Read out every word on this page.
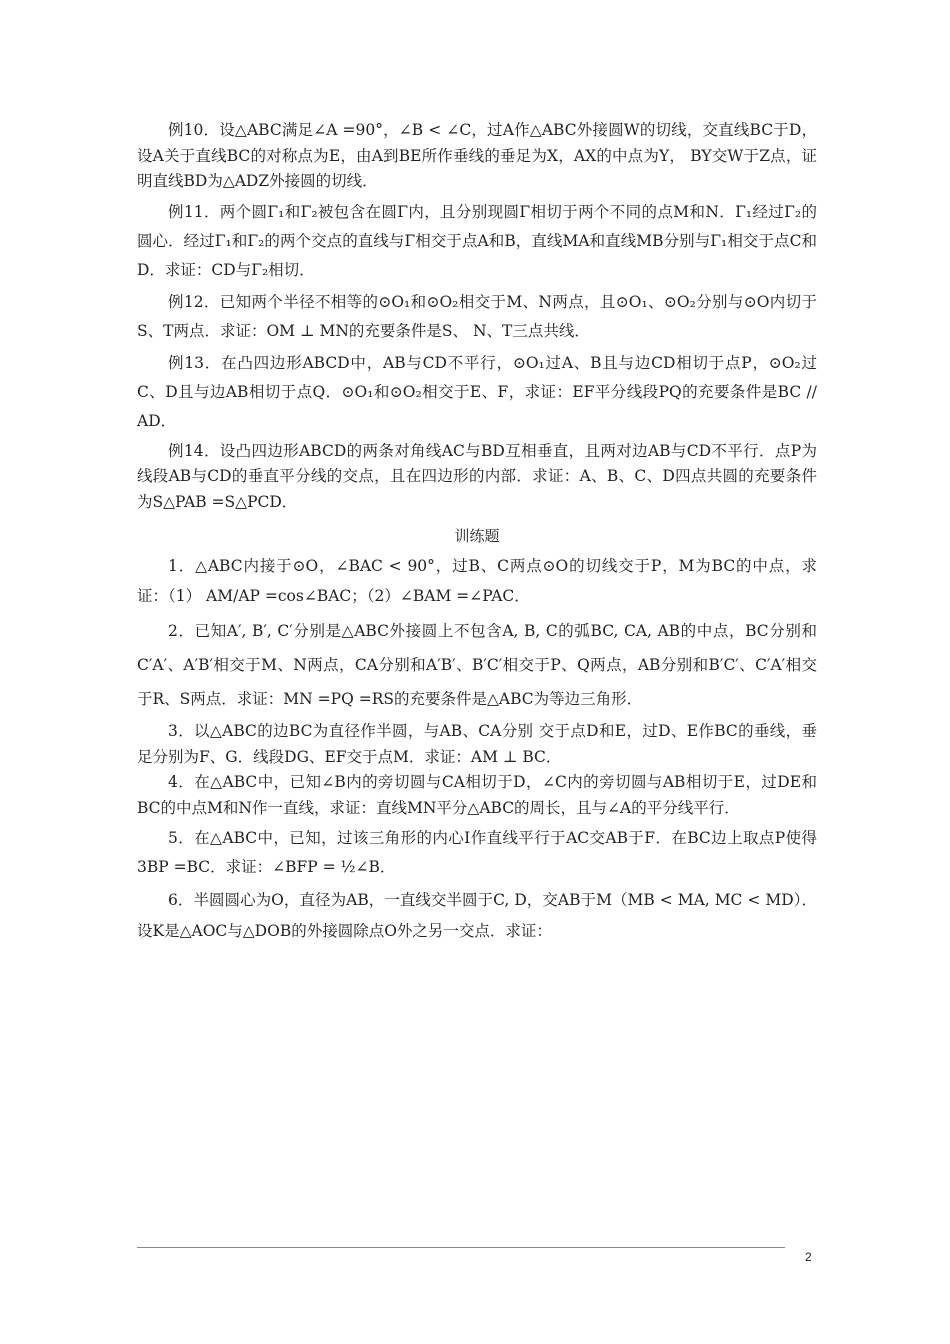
例10．设△ABC满足∠A =90°，∠B < ∠C，过A作△ABC外接圆W的切线，交直线BC于D，设A关于直线BC的对称点为E，由A到BE所作垂线的垂足为X，AX的中点为Y， BY交W于Z点，证明直线BD为△ADZ外接圆的切线．

例11．两个圆Γ₁和Γ₂被包含在圆Γ内，且分别现圆Γ相切于两个不同的点M和N．Γ₁经过Γ₂的圆心．经过Γ₁和Γ₂的两个交点的直线与Γ相交于点A和B，直线MA和直线MB分别与Γ₁相交于点C和D．求证：CD与Γ₂相切．

例12．已知两个半径不相等的⊙O₁和⊙O₂相交于M、N两点，且⊙O₁、⊙O₂分别与⊙O内切于S、T两点．求证：OM ⊥ MN的充要条件是S、 N、T三点共线．

例13．在凸四边形ABCD中，AB与CD不平行，⊙O₁过A、B且与边CD相切于点P，⊙O₂过C、D且与边AB相切于点Q．⊙O₁和⊙O₂相交于E、F，求证：EF平分线段PQ的充要条件是BC // AD．

例14．设凸四边形ABCD的两条对角线AC与BD互相垂直，且两对边AB与CD不平行．点P为线段AB与CD的垂直平分线的交点，且在四边形的内部．求证：A、B、C、D四点共圆的充要条件为S△PAB =S△PCD．

训练题

1．△ABC内接于⊙O，∠BAC < 90°，过B、C两点⊙O的切线交于P，M为BC的中点，求证：（1） AM/AP =cos∠BAC；（2）∠BAM =∠PAC．

2．已知A′, B′, C′分别是△ABC外接圆上不包含A, B, C的弧BC, CA, AB的中点，BC分别和C′A′、A′B′相交于M、N两点，CA分别和A′B′、B′C′相交于P、Q两点，AB分别和B′C′、C′A′相交于R、S两点．求证：MN =PQ =RS的充要条件是△ABC为等边三角形．

3．以△ABC的边BC为直径作半圆，与AB、CA分别 交于点D和E，过D、E作BC的垂线，垂足分别为F、G．线段DG、EF交于点M．求证：AM ⊥ BC．

4．在△ABC中，已知∠B内的旁切圆与CA相切于D，∠C内的旁切圆与AB相切于E，过DE和BC的中点M和N作一直线，求证：直线MN平分△ABC的周长，且与∠A的平分线平行．

5．在△ABC中，已知，过该三角形的内心I作直线平行于AC交AB于F．在BC边上取点P使得3BP =BC．求证：∠BFP = ½∠B．

6．半圆圆心为O，直径为AB，一直线交半圆于C, D，交AB于M（MB < MA, MC < MD）．设K是△AOC与△DOB的外接圆除点O外之另一交点．求证：

2
